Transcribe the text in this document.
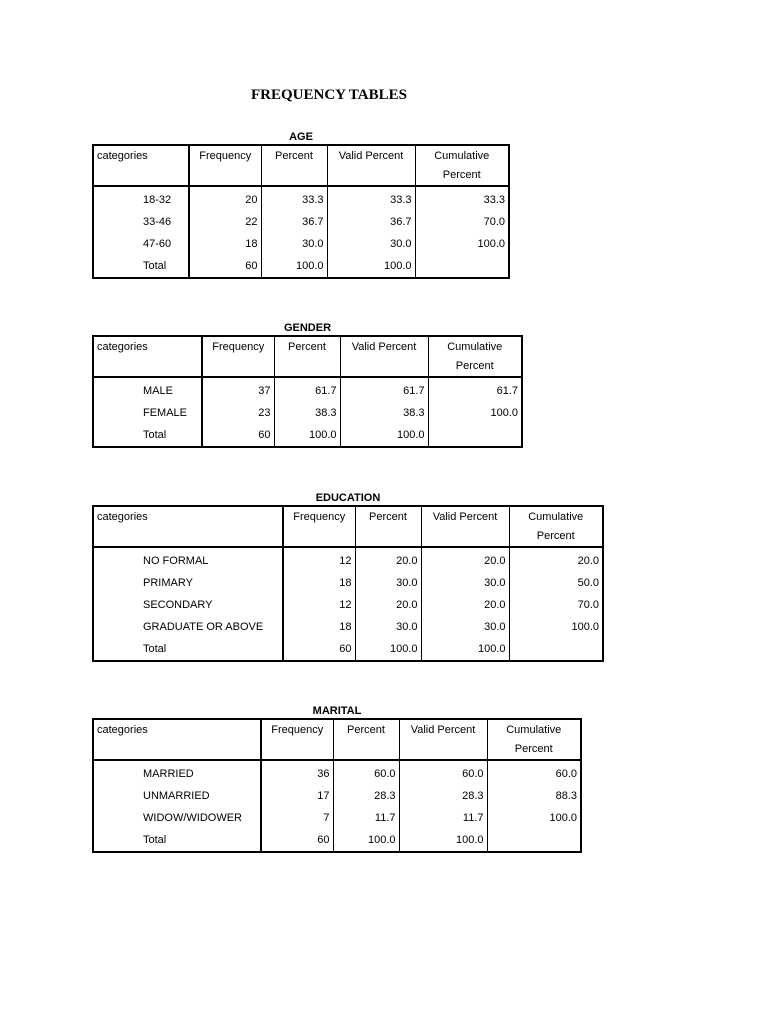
FREQUENCY TABLES
AGE
categories	Frequency	Percent	Valid Percent	Cumulative
Percent

18-32	20	33.3	33.3	33.3
33-46	22	36.7	36.7	70.0
47-60	18	30.0	30.0	100.0
Total	60	100.0	100.0	
GENDER
categories	Frequency	Percent	Valid Percent	Cumulative
Percent

MALE	37	61.7	61.7	61.7
FEMALE	23	38.3	38.3	100.0
Total	60	100.0	100.0	
EDUCATION
categories	Frequency	Percent	Valid Percent	Cumulative
Percent

NO FORMAL	12	20.0	20.0	20.0
PRIMARY	18	30.0	30.0	50.0
SECONDARY	12	20.0	20.0	70.0
GRADUATE OR ABOVE	18	30.0	30.0	100.0
Total	60	100.0	100.0	
MARITAL
categories	Frequency	Percent	Valid Percent	Cumulative
Percent

MARRIED	36	60.0	60.0	60.0
UNMARRIED	17	28.3	28.3	88.3
WIDOW/WIDOWER	7	11.7	11.7	100.0
Total	60	100.0	100.0	
